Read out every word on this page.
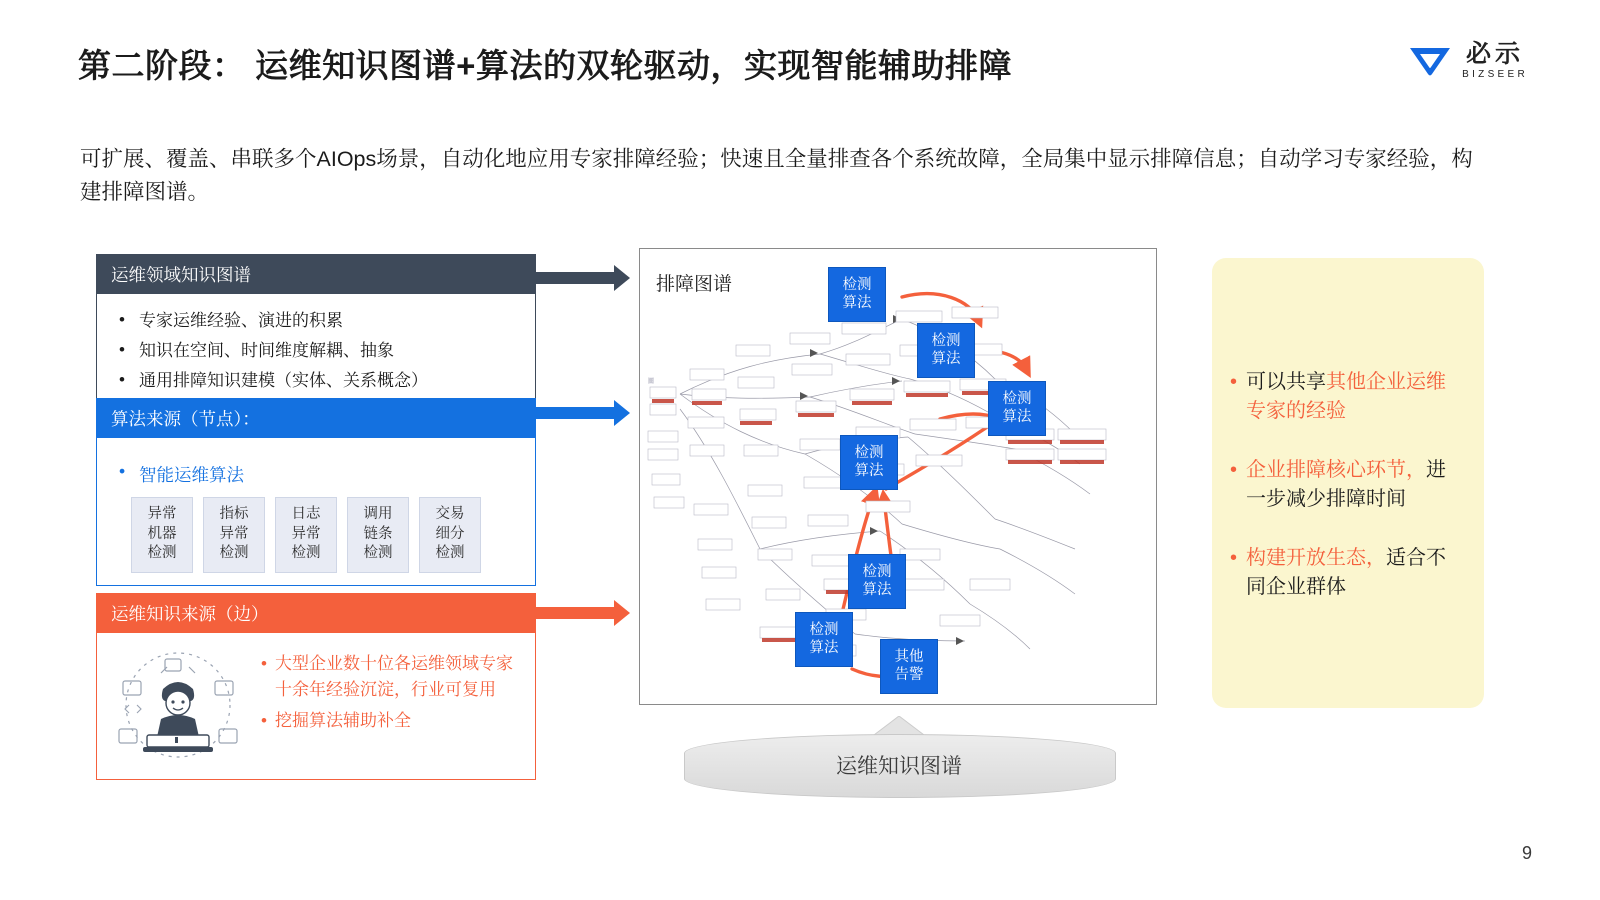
第二阶段： 运维知识图谱+算法的双轮驱动，实现智能辅助排障	必示
BIZSEER
可扩展、覆盖、串联多个AIOps场景，自动化地应用专家排障经验；快速且全量排查各个系统故障，全局集中显示排障信息；自动学习专家经验，构建排障图谱。
运维领域知识图谱
• 专家运维经验、演进的积累
• 知识在空间、时间维度解耦、抽象
• 通用排障知识建模（实体、关系概念）
算法来源（节点）：
• 智能运维算法
异常
机器
检测
指标
异常
检测
日志
异常
检测
调用
链条
检测
交易
细分
检测
运维知识来源（边）
• 大型企业数十位各运维领域专家十余年经验沉淀，行业可复用
• 挖掘算法辅助补全
排障图谱
图
检测
算法
检测
算法
检测
算法
检测
算法
检测
算法
检测
算法
其他
告警
运维知识图谱
• 可以共享其他企业运维专家的经验
• 企业排障核心环节，进一步减少排障时间
• 构建开放生态，适合不同企业群体
9
